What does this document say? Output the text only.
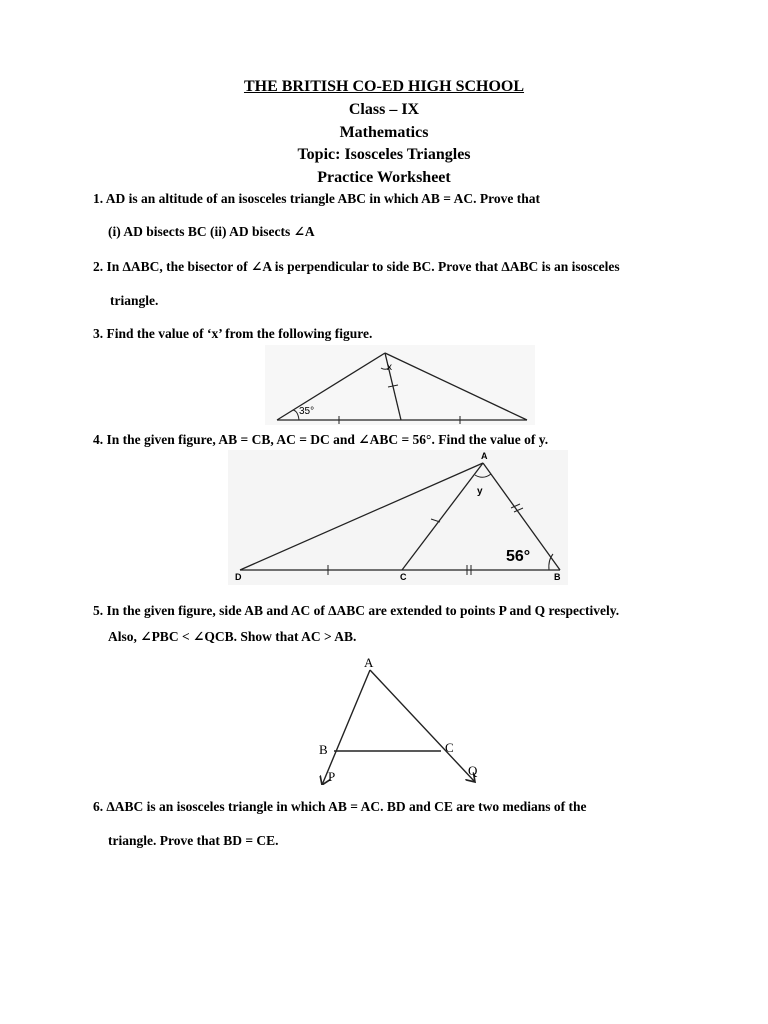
THE BRITISH CO-ED HIGH SCHOOL
Class – IX
Mathematics
Topic: Isosceles Triangles
Practice Worksheet
1. AD is an altitude of an isosceles triangle ABC in which AB = AC. Prove that
(i) AD bisects BC (ii) AD bisects ∠A
2. In ∆ABC, the bisector of ∠A is perpendicular to side BC. Prove that ∆ABC is an isosceles
triangle.
3. Find the value of ‘x’ from the following figure.
x
35°
4. In the given figure, AB = CB, AC = DC and ∠ABC = 56°. Find the value of y.
A
D	C	B
y
56°
5. In the given figure, side AB and AC of ∆ABC are extended to points P and Q respectively.
Also, ∠PBC < ∠QCB. Show that AC > AB.
A
B	C
P	Q
6. ∆ABC is an isosceles triangle in which AB = AC. BD and CE are two medians of the
triangle. Prove that BD = CE.
